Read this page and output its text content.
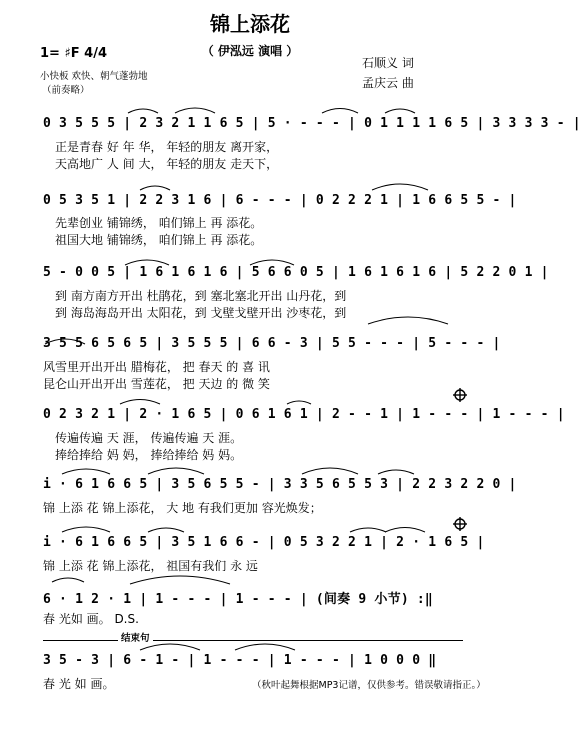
锦上添花
（ 伊泓远 演唱 ）
1= ♯F 4/4
石顺义 词
孟庆云 曲
小快板 欢快、朝气蓬勃地
（前奏略）
0 3 5 5 5 | 2 3 2 1 1 6 5 | 5 · - - - | 0 1 1 1 1 6 5 | 3 3 3 3 - |
正是青春 好 年 华， 年轻的朋友 离开家，
天高地广 人 间 大， 年轻的朋友 走天下，
0 5 3 5 1 | 2 2 3 1 6 | 6 - - - | 0 2 2 2 1 | 1 6 6 5 5 - |
先辈创业 铺锦绣， 咱们锦上 再 添花。
祖国大地 铺锦绣， 咱们锦上 再 添花。
5 - 0 0 5 | 1 6 1 6 1 6 | 5 6 6 0 5 | 1 6 1 6 1 6 | 5 2 2 0 1 |
到 南方南方开出 杜鹃花，到 塞北塞北开出 山丹花，到
到 海岛海岛开出 太阳花，到 戈壁戈壁开出 沙枣花，到
3 5 5 6 5 6 5 | 3 5 5 5 | 6 6 - 3 | 5 5 - - - | 5 - - - |
风雪里开出开出 腊梅花， 把 春天 的 喜 讯
昆仑山开出开出 雪莲花， 把 天边 的 微 笑
0 2 3 2 1 | 2 · 1 6 5 | 0 6 1 6 1 | 2 - - 1 | 1 - - - | 1 - - - |
传遍传遍 天 涯， 传遍传遍 天 涯。
捧给捧给 妈 妈， 捧给捧给 妈 妈。
i · 6 1 6 6 5 | 3 5 6 5 5 - | 3 3 5 6 5 5 3 | 2 2 3 2 2 0 |
锦 上添 花 锦上添花， 大 地 有我们更加 容光焕发；
i · 6 1 6 6 5 | 3 5 1 6 6 - | 0 5 3 2 2 1 | 2 · 1 6 5 |
锦 上添 花 锦上添花， 祖国有我们 永 远
6 · 1 2 · 1 | 1 - - - | 1 - - - | (间奏 9 小节) :‖
春 光如 画。 D.S.
结束句
3 5 - 3 | 6 - 1 - | 1 - - - | 1 - - - | 1 0 0 0 ‖
春 光 如 画。	（秋叶起舞根据MP3记谱，仅供参考。错误敬请指正。）
